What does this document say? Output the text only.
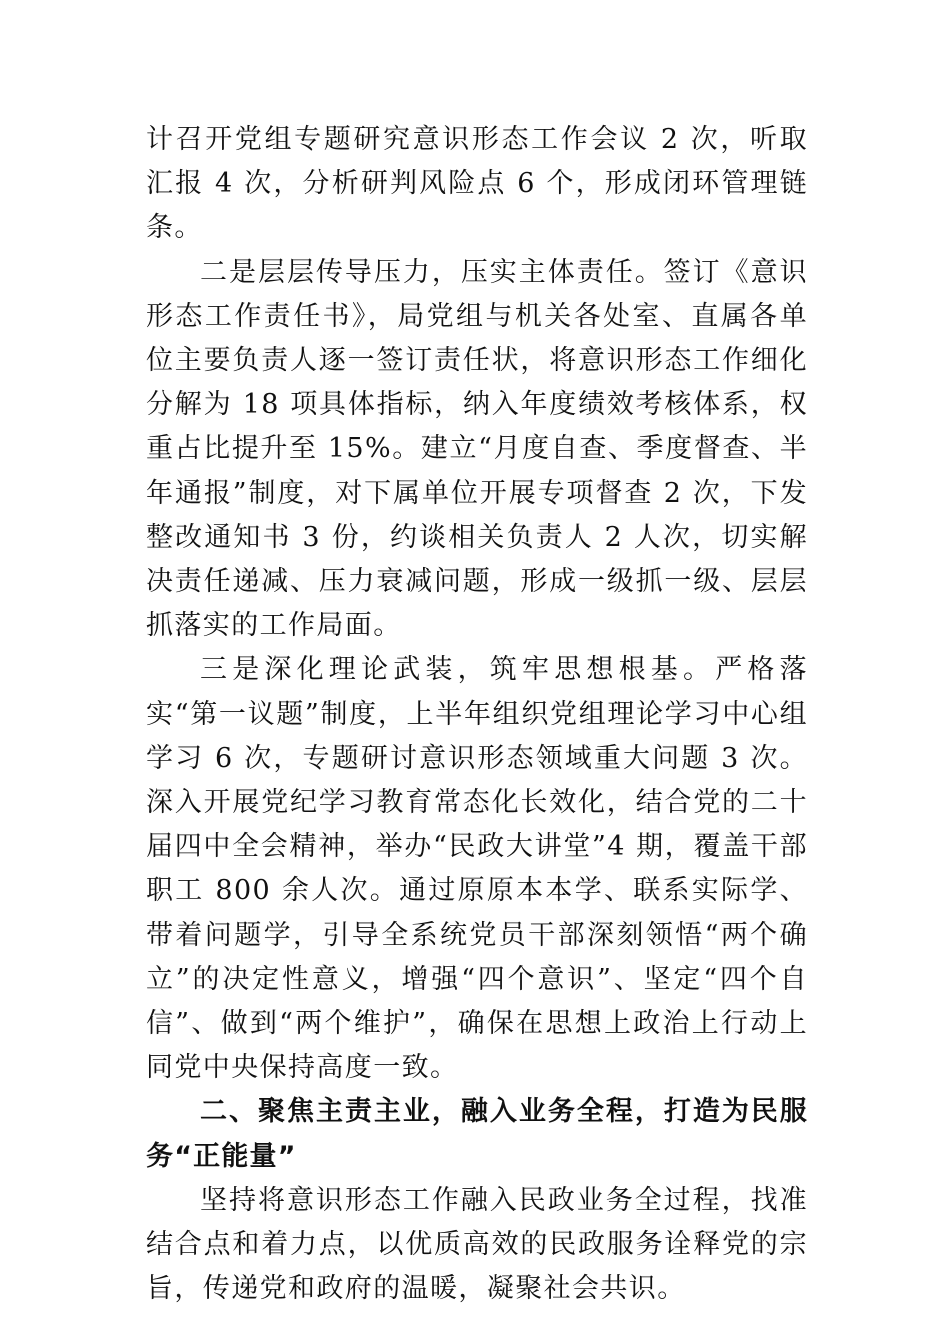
计召开党组专题研究意识形态工作会议 2 次，听取汇报 4 次，分析研判风险点 6 个，形成闭环管理链条。

二是层层传导压力，压实主体责任。签订《意识形态工作责任书》，局党组与机关各处室、直属各单位主要负责人逐一签订责任状，将意识形态工作细化分解为 18 项具体指标，纳入年度绩效考核体系，权重占比提升至 15%。建立“月度自查、季度督查、半年通报”制度，对下属单位开展专项督查 2 次，下发整改通知书 3 份，约谈相关负责人 2 人次，切实解决责任递减、压力衰减问题，形成一级抓一级、层层抓落实的工作局面。

三是深化理论武装，筑牢思想根基。严格落实“第一议题”制度，上半年组织党组理论学习中心组学习 6 次，专题研讨意识形态领域重大问题 3 次。深入开展党纪学习教育常态化长效化，结合党的二十届四中全会精神，举办“民政大讲堂”4 期，覆盖干部职工 800 余人次。通过原原本本学、联系实际学、带着问题学，引导全系统党员干部深刻领悟“两个确立”的决定性意义，增强“四个意识”、坚定“四个自信”、做到“两个维护”，确保在思想上政治上行动上同党中央保持高度一致。

二、聚焦主责主业，融入业务全程，打造为民服务“正能量”

坚持将意识形态工作融入民政业务全过程，找准结合点和着力点，以优质高效的民政服务诠释党的宗旨，传递党和政府的温暖，凝聚社会共识。
